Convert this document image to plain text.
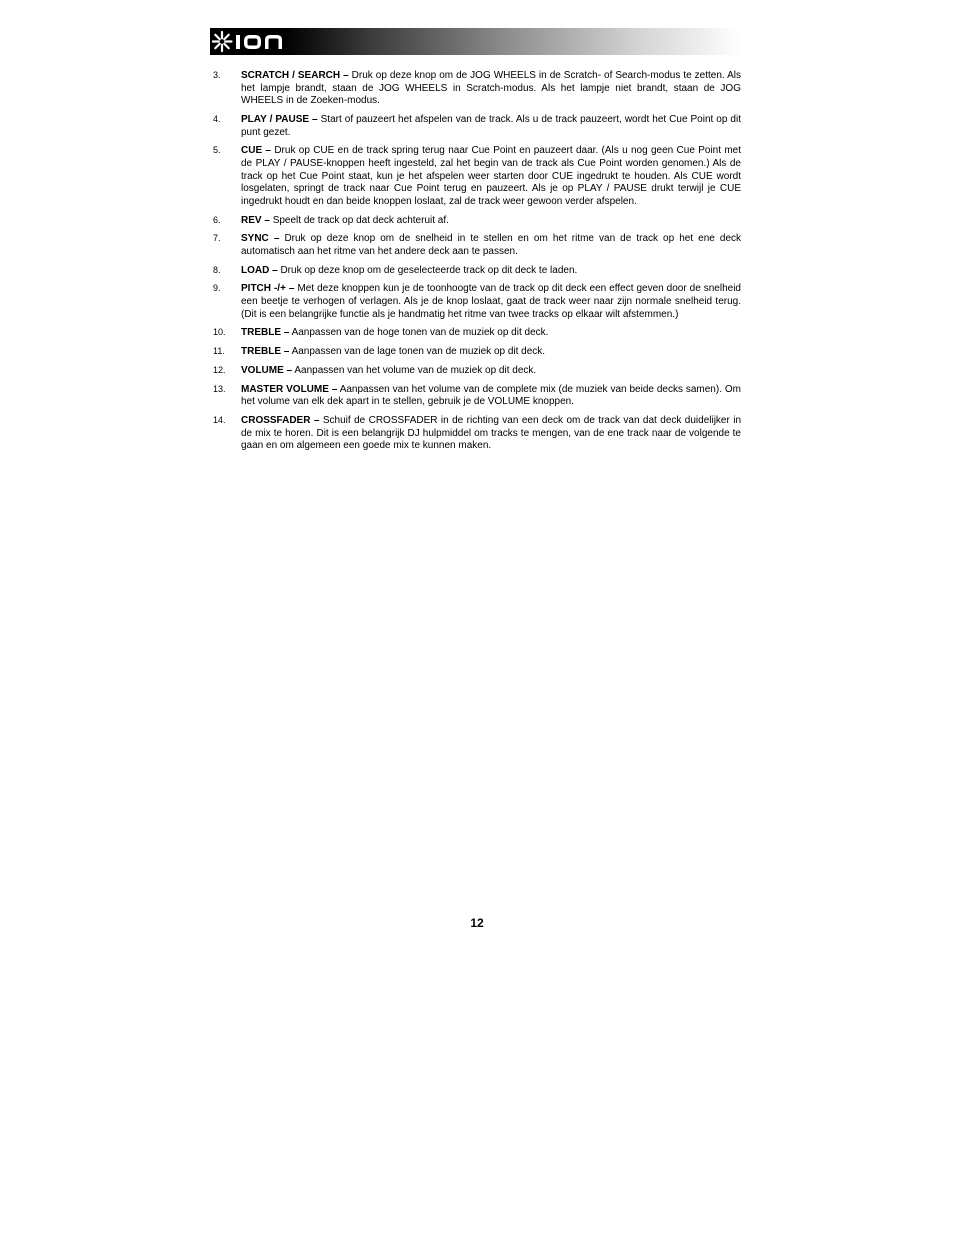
3.	SCRATCH / SEARCH – Druk op deze knop om de JOG WHEELS in de Scratch- of Search-modus te zetten. Als het lampje brandt, staan de JOG WHEELS in Scratch-modus. Als het lampje niet brandt, staan de JOG WHEELS in de Zoeken-modus.
4.	PLAY / PAUSE – Start of pauzeert het afspelen van de track. Als u de track pauzeert, wordt het Cue Point op dit punt gezet.
5.	CUE – Druk op CUE en de track spring terug naar Cue Point en pauzeert daar. (Als u nog geen Cue Point met de PLAY / PAUSE-knoppen heeft ingesteld, zal het begin van de track als Cue Point worden genomen.) Als de track op het Cue Point staat, kun je het afspelen weer starten door CUE ingedrukt te houden. Als CUE wordt losgelaten, springt de track naar Cue Point terug en pauzeert. Als je op PLAY / PAUSE drukt terwijl je CUE ingedrukt houdt en dan beide knoppen loslaat, zal de track weer gewoon verder afspelen.
6.	REV – Speelt de track op dat deck achteruit af.
7.	SYNC – Druk op deze knop om de snelheid in te stellen en om het ritme van de track op het ene deck automatisch aan het ritme van het andere deck aan te passen.
8.	LOAD – Druk op deze knop om de geselecteerde track op dit deck te laden.
9.	PITCH -/+ – Met deze knoppen kun je de toonhoogte van de track op dit deck een effect geven door de snelheid een beetje te verhogen of verlagen. Als je de knop loslaat, gaat de track weer naar zijn normale snelheid terug. (Dit is een belangrijke functie als je handmatig het ritme van twee tracks op elkaar wilt afstemmen.)
10.	TREBLE – Aanpassen van de hoge tonen van de muziek op dit deck.
11.	TREBLE – Aanpassen van de lage tonen van de muziek op dit deck.
12.	VOLUME – Aanpassen van het volume van de muziek op dit deck.
13.	MASTER VOLUME – Aanpassen van het volume van de complete mix (de muziek van beide decks samen). Om het volume van elk dek apart in te stellen, gebruik je de VOLUME knoppen.
14.	CROSSFADER – Schuif de CROSSFADER in de richting van een deck om de track van dat deck duidelijker in de mix te horen. Dit is een belangrijk DJ hulpmiddel om tracks te mengen, van de ene track naar de volgende te gaan en om algemeen een goede mix te kunnen maken.
12
